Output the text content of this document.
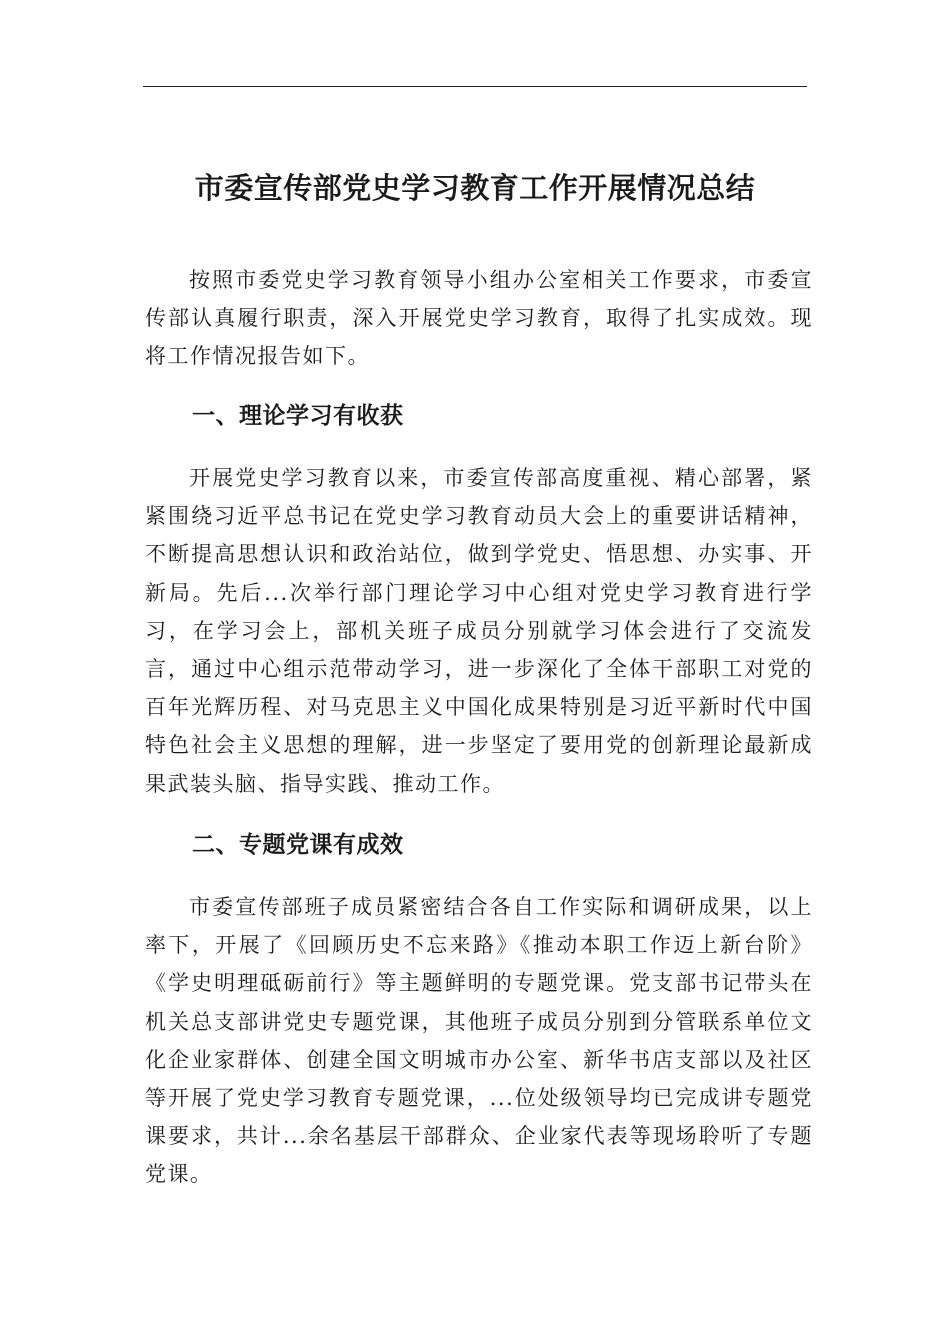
市委宣传部党史学习教育工作开展情况总结

按照市委党史学习教育领导小组办公室相关工作要求，市委宣传部认真履行职责，深入开展党史学习教育，取得了扎实成效。现将工作情况报告如下。

一、理论学习有收获

开展党史学习教育以来，市委宣传部高度重视、精心部署，紧紧围绕习近平总书记在党史学习教育动员大会上的重要讲话精神，不断提高思想认识和政治站位，做到学党史、悟思想、办实事、开新局。先后...次举行部门理论学习中心组对党史学习教育进行学习，在学习会上，部机关班子成员分别就学习体会进行了交流发言，通过中心组示范带动学习，进一步深化了全体干部职工对党的百年光辉历程、对马克思主义中国化成果特别是习近平新时代中国特色社会主义思想的理解，进一步坚定了要用党的创新理论最新成果武装头脑、指导实践、推动工作。

二、专题党课有成效

市委宣传部班子成员紧密结合各自工作实际和调研成果，以上率下，开展了《回顾历史不忘来路》《推动本职工作迈上新台阶》《学史明理砥砺前行》等主题鲜明的专题党课。党支部书记带头在机关总支部讲党史专题党课，其他班子成员分别到分管联系单位文化企业家群体、创建全国文明城市办公室、新华书店支部以及社区等开展了党史学习教育专题党课，...位处级领导均已完成讲专题党课要求，共计...余名基层干部群众、企业家代表等现场聆听了专题党课。
